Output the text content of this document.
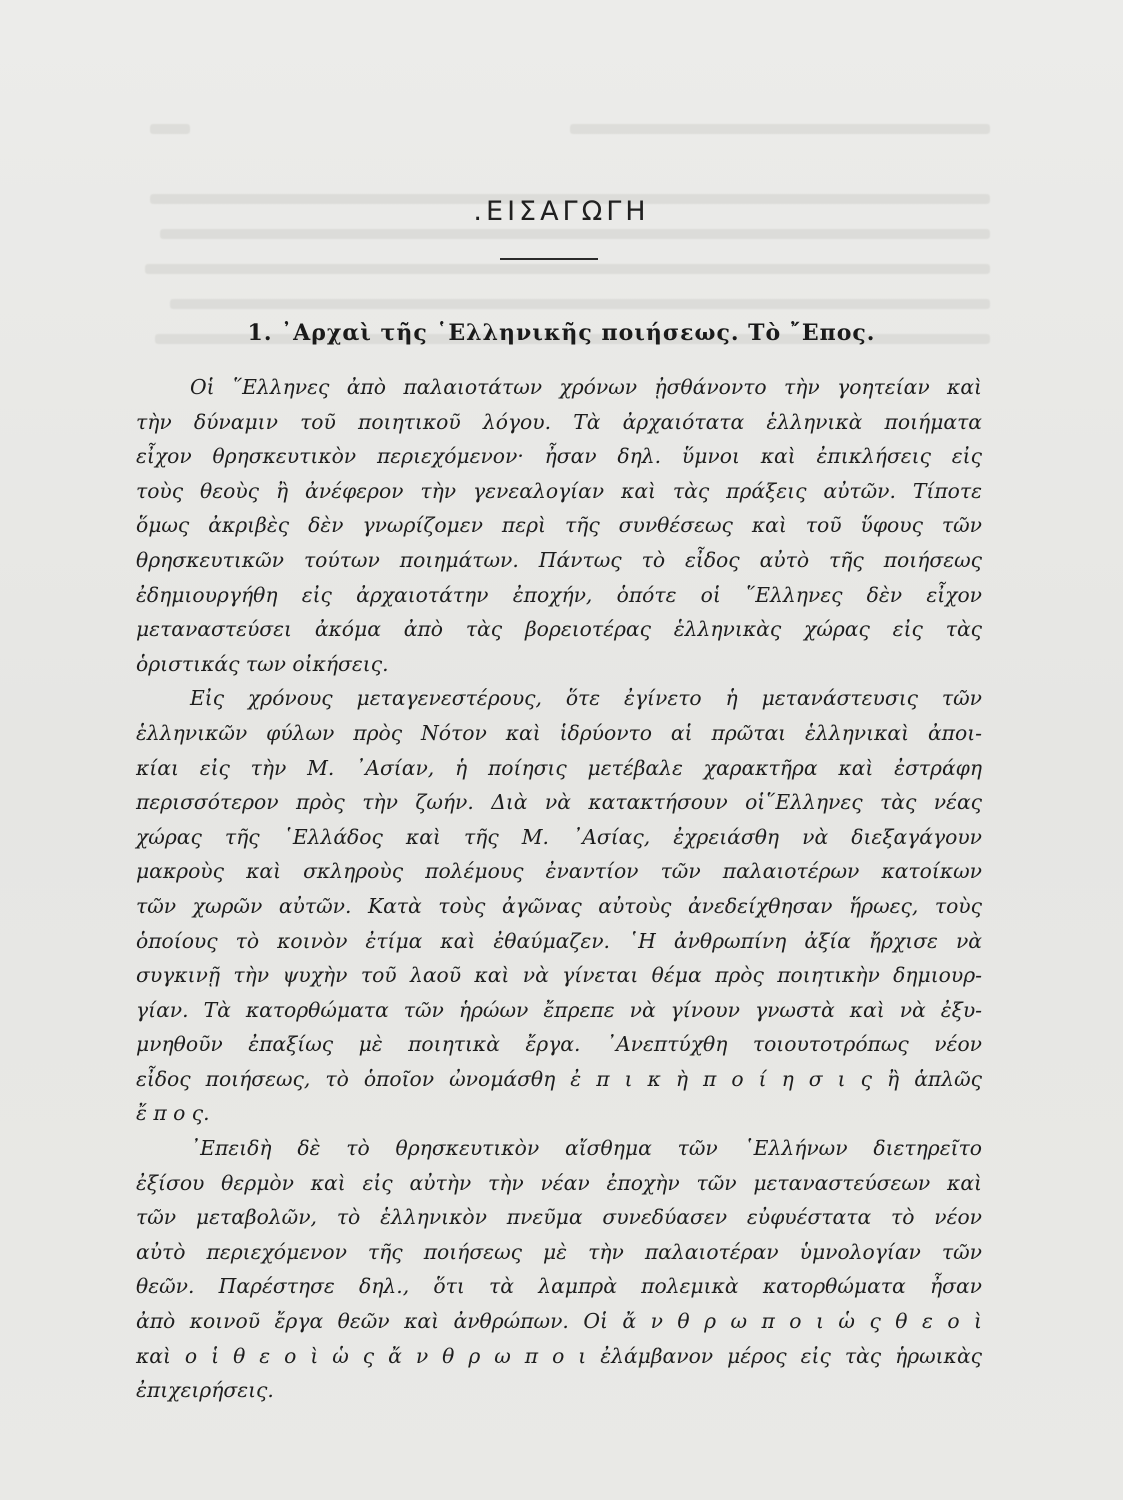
.ΕΙΣΑΓΩΓΗ
1. ᾿Αρχαὶ τῆς ῾Ελληνικῆς ποιήσεως. Τὸ ῎Επος.
Οἱ ῞Ελληνες ἀπὸ παλαιοτάτων χρόνων ᾐσθάνοντο τὴν γοητείαν καὶ
τὴν δύναμιν τοῦ ποιητικοῦ λόγου. Τὰ ἀρχαιότατα ἑλληνικὰ ποιήματα
εἶχον θρησκευτικὸν περιεχόμενον· ἦσαν δηλ. ὕμνοι καὶ ἐπικλήσεις εἰς
τοὺς θεοὺς ἢ ἀνέφερον τὴν γενεαλογίαν καὶ τὰς πράξεις αὐτῶν. Τίποτε
ὅμως ἀκριβὲς δὲν γνωρίζομεν περὶ τῆς συνθέσεως καὶ τοῦ ὕφους τῶν
θρησκευτικῶν τούτων ποιημάτων. Πάντως τὸ εἶδος αὐτὸ τῆς ποιήσεως
ἐδημιουργήθη εἰς ἀρχαιοτάτην ἐποχήν, ὁπότε οἱ ῞Ελληνες δὲν εἶχον
μεταναστεύσει ἀκόμα ἀπὸ τὰς βορειοτέρας ἑλληνικὰς χώρας εἰς τὰς
ὁριστικάς των οἰκήσεις.
Εἰς χρόνους μεταγενεστέρους, ὅτε ἐγίνετο ἡ μετανάστευσις τῶν
ἑλληνικῶν φύλων πρὸς Νότον καὶ ἱδρύοντο αἱ πρῶται ἑλληνικαὶ ἀποι-
κίαι εἰς τὴν Μ. ᾿Ασίαν, ἡ ποίησις μετέβαλε χαρακτῆρα καὶ ἐστράφη
περισσότερον πρὸς τὴν ζωήν. Διὰ νὰ κατακτήσουν οἱ῞Ελληνες τὰς νέας
χώρας τῆς ῾Ελλάδος καὶ τῆς Μ. ᾿Ασίας, ἐχρειάσθη νὰ διεξαγάγουν
μακροὺς καὶ σκληροὺς πολέμους ἐναντίον τῶν παλαιοτέρων κατοίκων
τῶν χωρῶν αὐτῶν. Κατὰ τοὺς ἀγῶνας αὐτοὺς ἀνεδείχθησαν ἥρωες, τοὺς
ὁποίους τὸ κοινὸν ἐτίμα καὶ ἐθαύμαζεν. ῾Η ἀνθρωπίνη ἀξία ἤρχισε νὰ
συγκινῇ τὴν ψυχὴν τοῦ λαοῦ καὶ νὰ γίνεται θέμα πρὸς ποιητικὴν δημιουρ-
γίαν. Τὰ κατορθώματα τῶν ἡρώων ἔπρεπε νὰ γίνουν γνωστὰ καὶ νὰ ἐξυ-
μνηθοῦν ἐπαξίως μὲ ποιητικὰ ἔργα. ᾿Ανεπτύχθη τοιουτοτρόπως νέον
εἶδος ποιήσεως, τὸ ὁποῖον ὠνομάσθη ἐ π ι κ ὴ π ο ί η σ ι ς ἢ ἁπλῶς
ἔ π ο ς.
᾿Επειδὴ δὲ τὸ θρησκευτικὸν αἴσθημα τῶν ῾Ελλήνων διετηρεῖτο
ἐξίσου θερμὸν καὶ εἰς αὐτὴν τὴν νέαν ἐποχὴν τῶν μεταναστεύσεων καὶ
τῶν μεταβολῶν, τὸ ἑλληνικὸν πνεῦμα συνεδύασεν εὐφυέστατα τὸ νέον
αὐτὸ περιεχόμενον τῆς ποιήσεως μὲ τὴν παλαιοτέραν ὑμνολογίαν τῶν
θεῶν. Παρέστησε δηλ., ὅτι τὰ λαμπρὰ πολεμικὰ κατορθώματα ἦσαν
ἀπὸ κοινοῦ ἔργα θεῶν καὶ ἀνθρώπων. Οἱ ἄ ν θ ρ ω π ο ι ὡ ς θ ε ο ὶ
καὶ ο ἱ θ ε ο ὶ ὡ ς ἄ ν θ ρ ω π ο ι ἐλάμβανον μέρος εἰς τὰς ἡρωικὰς
ἐπιχειρήσεις.
